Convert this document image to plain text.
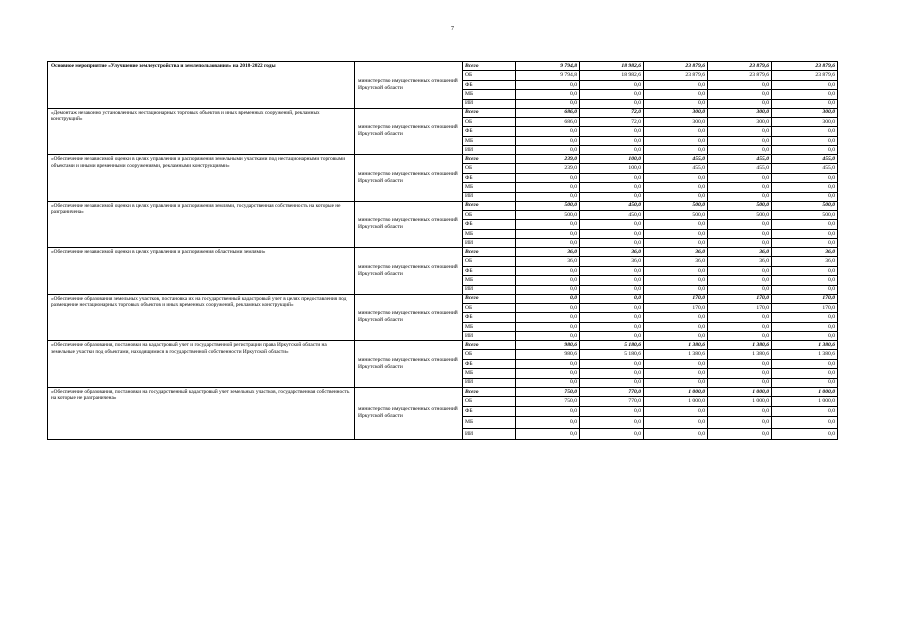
7
Основное мероприятие «Улучшение землеустройства и землепользования» на 2018-2022 годы	министерство имущественных отношений Иркутской области	Всего	9 794,8	18 982,6	23 879,6	23 879,6	23 879,6
		ОБ	9 794,8	18 982,6	23 879,6	23 879,6	23 879,6
		ФБ	0,0	0,0	0,0	0,0	0,0
		МБ	0,0	0,0	0,0	0,0	0,0
		ИИ	0,0	0,0	0,0	0,0	0,0
«Демонтаж незаконно установленных нестационарных торговых объектов и иных временных сооружений, рекламных конструкций»	министерство имущественных отношений Иркутской области	Всего	686,0	72,0	300,0	300,0	300,0
		ОБ	686,0	72,0	300,0	300,0	300,0
		ФБ	0,0	0,0	0,0	0,0	0,0
		МБ	0,0	0,0	0,0	0,0	0,0
		ИИ	0,0	0,0	0,0	0,0	0,0
«Обеспечение независимой оценки в целях управления и распоряжения земельными участками под нестационарными торговыми объектами и иными временными сооружениями, рекламными конструкциями»	министерство имущественных отношений Иркутской области	Всего	239,0	100,0	455,0	455,0	455,0
		ОБ	239,0	100,0	455,0	455,0	455,0
		ФБ	0,0	0,0	0,0	0,0	0,0
		МБ	0,0	0,0	0,0	0,0	0,0
		ИИ	0,0	0,0	0,0	0,0	0,0
«Обеспечение независимой оценки в целях управления и распоряжения землями, государственная собственность на которые не разграничена»	министерство имущественных отношений Иркутской области	Всего	500,0	450,0	500,0	500,0	500,0
		ОБ	500,0	450,0	500,0	500,0	500,0
		ФБ	0,0	0,0	0,0	0,0	0,0
		МБ	0,0	0,0	0,0	0,0	0,0
		ИИ	0,0	0,0	0,0	0,0	0,0
«Обеспечение независимой оценки в целях управления и распоряжения областными землями»	министерство имущественных отношений Иркутской области	Всего	36,0	36,0	36,0	36,0	36,0
		ОБ	36,0	36,0	36,0	36,0	36,0
		ФБ	0,0	0,0	0,0	0,0	0,0
		МБ	0,0	0,0	0,0	0,0	0,0
		ИИ	0,0	0,0	0,0	0,0	0,0
«Обеспечение образования земельных участков, постановка их на государственный кадастровый учет в целях предоставления под размещение нестационарных торговых объектов и иных временных сооружений, рекламных конструкций»	министерство имущественных отношений Иркутской области	Всего	0,0	0,0	170,0	170,0	170,0
		ОБ	0,0	0,0	170,0	170,0	170,0
		ФБ	0,0	0,0	0,0	0,0	0,0
		МБ	0,0	0,0	0,0	0,0	0,0
		ИИ	0,0	0,0	0,0	0,0	0,0
«Обеспечение образования, постановки на кадастровый учет и государственной регистрации права Иркутской области на земельные участки под объектами, находящимися в государственной собственности Иркутской области»	министерство имущественных отношений Иркутской области	Всего	980,6	5 180,6	1 380,6	1 380,6	1 380,6
		ОБ	980,6	5 180,6	1 380,6	1 380,6	1 380,6
		ФБ	0,0	0,0	0,0	0,0	0,0
		МБ	0,0	0,0	0,0	0,0	0,0
		ИИ	0,0	0,0	0,0	0,0	0,0
«Обеспечение образования, постановки на государственный кадастровый учет земельных участков, государственная собственность на которые не разграничена»	министерство имущественных отношений Иркутской области	Всего	750,0	770,0	1 000,0	1 000,0	1 000,0
		ОБ	750,0	770,0	1 000,0	1 000,0	1 000,0
		ФБ	0,0	0,0	0,0	0,0	0,0
		МБ	0,0	0,0	0,0	0,0	0,0
		ИИ	0,0	0,0	0,0	0,0	0,0
